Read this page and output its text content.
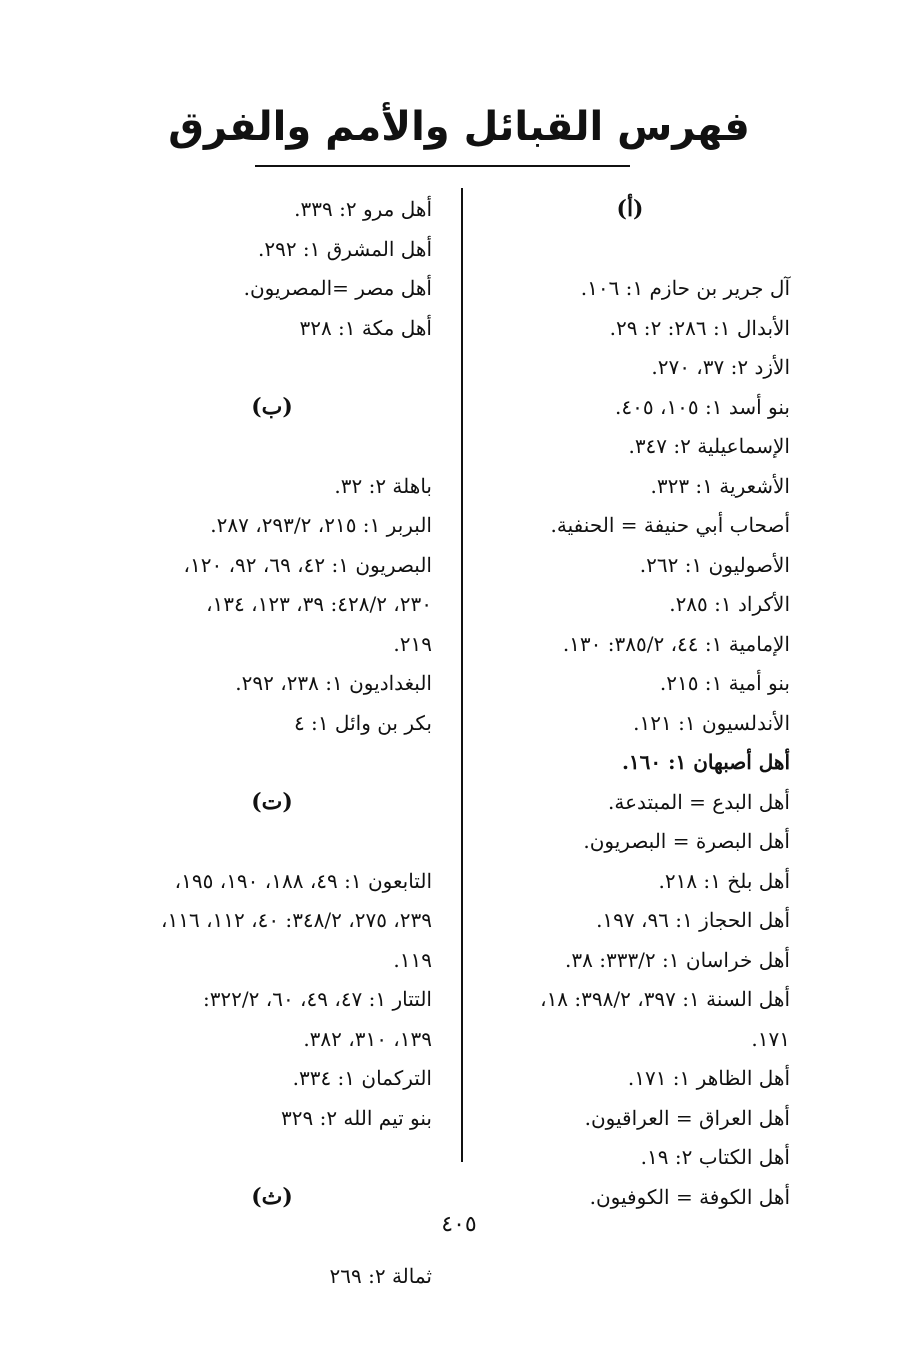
فهرس القبائل والأمم والفرق
(أ)
آل جرير بن حازم ١: ١٠٦.
الأبدال ١: ٢٨٦: ٢: ٢٩.
الأزد ٢: ٣٧، ٢٧٠.
بنو أسد ١: ١٠٥، ٤٠٥.
الإسماعيلية ٢: ٣٤٧.
الأشعرية ١: ٣٢٣.
أصحاب أبي حنيفة = الحنفية.
الأصوليون ١: ٢٦٢.
الأكراد ١: ٢٨٥.
الإمامية ١: ٤٤، ٣٨٥/٢: ١٣٠.
بنو أمية ١: ٢١٥.
الأندلسيون ١: ١٢١.
أهل أصبهان ١: ١٦٠.
أهل البدع = المبتدعة.
أهل البصرة = البصريون.
أهل بلخ ١: ٢١٨.
أهل الحجاز ١: ٩٦، ١٩٧.
أهل خراسان ١: ٣٣٣/٢: ٣٨.
أهل السنة ١: ٣٩٧، ٣٩٨/٢: ١٨،
١٧١.
أهل الظاهر ١: ١٧١.
أهل العراق = العراقيون.
أهل الكتاب ٢: ١٩.
أهل الكوفة = الكوفيون.
أهل مرو ٢: ٣٣٩.
أهل المشرق ١: ٢٩٢.
أهل مصر =المصريون.
أهل مكة ١: ٣٢٨
(ب)
باهلة ٢: ٣٢.
البربر ١: ٢١٥، ٢٩٣/٢، ٢٨٧.
البصريون ١: ٤٢، ٦٩، ٩٢، ١٢٠،
٢٣٠، ٤٢٨/٢: ٣٩، ١٢٣، ١٣٤،
٢١٩.
البغداديون ١: ٢٣٨، ٢٩٢.
بكر بن وائل ١: ٤
(ت)
التابعون ١: ٤٩، ١٨٨، ١٩٠، ١٩٥،
٢٣٩، ٢٧٥، ٣٤٨/٢: ٤٠، ١١٢، ١١٦،
١١٩.
التتار ١: ٤٧، ٤٩، ٦٠، ٣٢٢/٢:
١٣٩، ٣١٠، ٣٨٢.
التركمان ١: ٣٣٤.
بنو تيم الله ٢: ٣٢٩
(ث)
ثمالة ٢: ٢٦٩
٤٠٥
